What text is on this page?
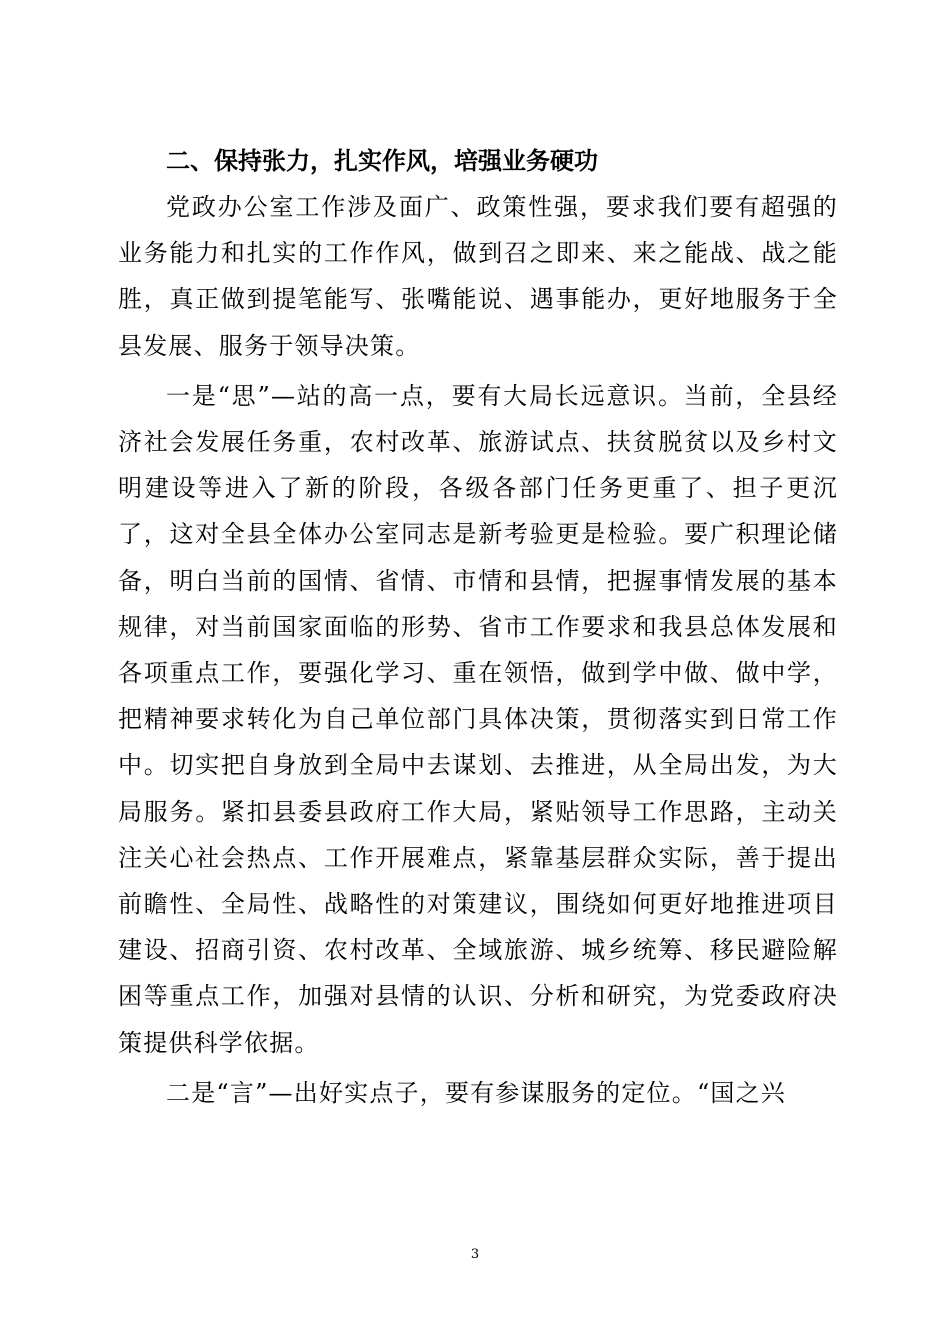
二、保持张力，扎实作风，培强业务硬功

党政办公室工作涉及面广、政策性强，要求我们要有超强的业务能力和扎实的工作作风，做到召之即来、来之能战、战之能胜，真正做到提笔能写、张嘴能说、遇事能办，更好地服务于全县发展、服务于领导决策。

一是“思”—站的高一点，要有大局长远意识。当前，全县经济社会发展任务重，农村改革、旅游试点、扶贫脱贫以及乡村文明建设等进入了新的阶段，各级各部门任务更重了、担子更沉了，这对全县全体办公室同志是新考验更是检验。要广积理论储备，明白当前的国情、省情、市情和县情，把握事情发展的基本规律，对当前国家面临的形势、省市工作要求和我县总体发展和各项重点工作，要强化学习、重在领悟，做到学中做、做中学，把精神要求转化为自己单位部门具体决策，贯彻落实到日常工作中。切实把自身放到全局中去谋划、去推进，从全局出发，为大局服务。紧扣县委县政府工作大局，紧贴领导工作思路，主动关注关心社会热点、工作开展难点，紧靠基层群众实际，善于提出前瞻性、全局性、战略性的对策建议，围绕如何更好地推进项目建设、招商引资、农村改革、全域旅游、城乡统筹、移民避险解困等重点工作，加强对县情的认识、分析和研究，为党委政府决策提供科学依据。

二是“言”—出好实点子，要有参谋服务的定位。“国之兴

3
